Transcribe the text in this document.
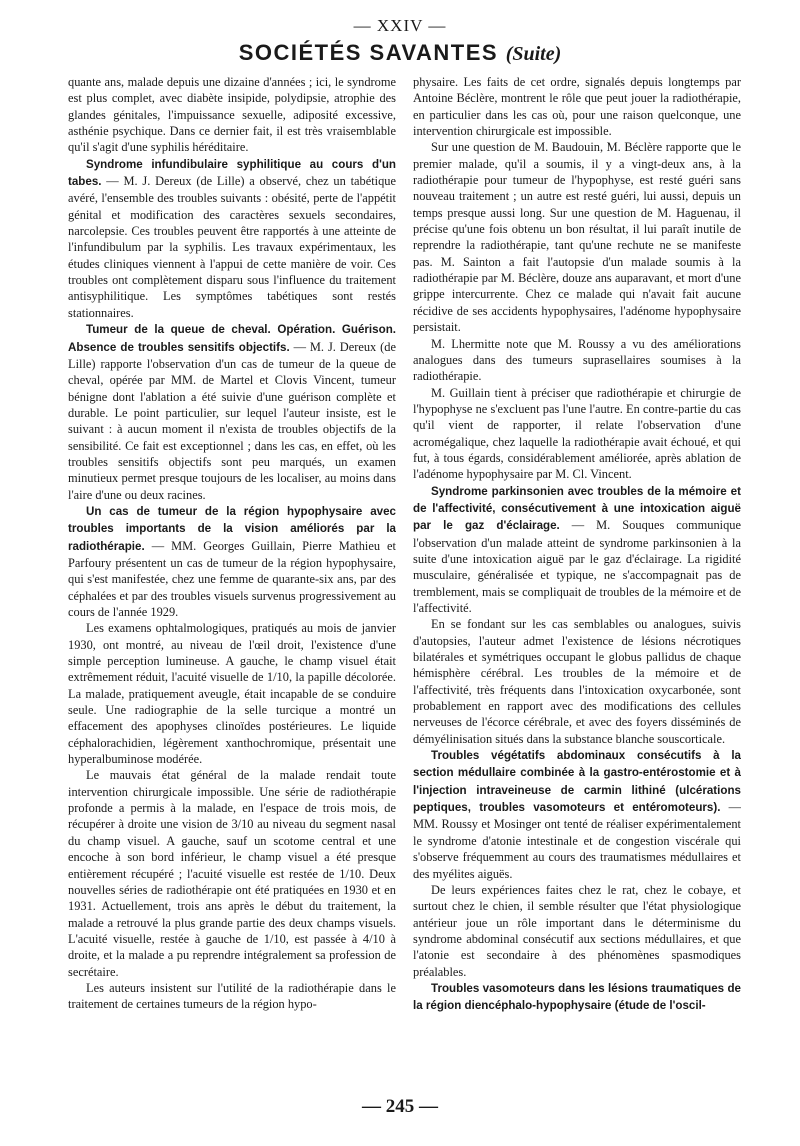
— XXIV —
SOCIÉTÉS SAVANTES (Suite)

quante ans, malade depuis une dizaine d'années ; ici, le syndrome est plus complet, avec diabète insipide, polydipsie, atrophie des glandes génitales, l'impuissance sexuelle, adiposité excessive, asthénie psychique. Dans ce dernier fait, il est très vraisemblable qu'il s'agit d'une syphilis héréditaire.

Syndrome infundibulaire syphilitique au cours d'un tabes. — M. J. Dereux (de Lille) a observé, chez un tabétique avéré, l'ensemble des troubles suivants : obésité, perte de l'appétit génital et modification des caractères sexuels secondaires, narcolepsie. Ces troubles peuvent être rapportés à une atteinte de l'infundibulum par la syphilis. Les travaux expérimentaux, les études cliniques viennent à l'appui de cette manière de voir. Ces troubles ont complètement disparu sous l'influence du traitement antisyphilitique. Les symptômes tabétiques sont restés stationnaires.

Tumeur de la queue de cheval. Opération. Guérison. Absence de troubles sensitifs objectifs. — M. J. Dereux (de Lille) rapporte l'observation d'un cas de tumeur de la queue de cheval, opérée par MM. de Martel et Clovis Vincent, tumeur bénigne dont l'ablation a été suivie d'une guérison complète et durable. Le point particulier, sur lequel l'auteur insiste, est le suivant : à aucun moment il n'exista de troubles objectifs de la sensibilité. Ce fait est exceptionnel ; dans les cas, en effet, où les troubles sensitifs objectifs sont peu marqués, un examen minutieux permet presque toujours de les localiser, au moins dans l'aire d'une ou deux racines.

Un cas de tumeur de la région hypophysaire avec troubles importants de la vision améliorés par la radiothérapie. — MM. Georges Guillain, Pierre Mathieu et Parfoury présentent un cas de tumeur de la région hypophysaire, qui s'est manifestée, chez une femme de quarante-six ans, par des céphalées et par des troubles visuels survenus progressivement au cours de l'année 1929.

Les examens ophtalmologiques, pratiqués au mois de janvier 1930, ont montré, au niveau de l'œil droit, l'existence d'une simple perception lumineuse. A gauche, le champ visuel était extrêmement réduit, l'acuité visuelle de 1/10, la papille décolorée. La malade, pratiquement aveugle, était incapable de se conduire seule. Une radiographie de la selle turcique a montré un effacement des apophyses clinoïdes postérieures. Le liquide céphalorachidien, légèrement xanthochromique, présentait une hyperalbuminose modérée.

Le mauvais état général de la malade rendait toute intervention chirurgicale impossible. Une série de radiothérapie profonde a permis à la malade, en l'espace de trois mois, de récupérer à droite une vision de 3/10 au niveau du segment nasal du champ visuel. A gauche, sauf un scotome central et une encoche à son bord inférieur, le champ visuel a été presque entièrement récupéré ; l'acuité visuelle est restée de 1/10. Deux nouvelles séries de radiothérapie ont été pratiquées en 1930 et en 1931. Actuellement, trois ans après le début du traitement, la malade a retrouvé la plus grande partie des deux champs visuels. L'acuité visuelle, restée à gauche de 1/10, est passée à 4/10 à droite, et la malade a pu reprendre intégralement sa profession de secrétaire.

Les auteurs insistent sur l'utilité de la radiothérapie dans le traitement de certaines tumeurs de la région hypo-

physaire. Les faits de cet ordre, signalés depuis longtemps par Antoine Béclère, montrent le rôle que peut jouer la radiothérapie, en particulier dans les cas où, pour une raison quelconque, une intervention chirurgicale est impossible.

Sur une question de M. Baudouin, M. Béclère rapporte que le premier malade, qu'il a soumis, il y a vingt-deux ans, à la radiothérapie pour tumeur de l'hypophyse, est resté guéri sans nouveau traitement ; un autre est resté guéri, lui aussi, depuis un temps presque aussi long. Sur une question de M. Haguenau, il précise qu'une fois obtenu un bon résultat, il lui paraît inutile de reprendre la radiothérapie, tant qu'une rechute ne se manifeste pas. M. Sainton a fait l'autopsie d'un malade soumis à la radiothérapie par M. Béclère, douze ans auparavant, et mort d'une grippe intercurrente. Chez ce malade qui n'avait fait aucune récidive de ses accidents hypophysaires, l'adénome hypophysaire persistait.

M. Lhermitte note que M. Roussy a vu des améliorations analogues dans des tumeurs suprasellaires soumises à la radiothérapie.

M. Guillain tient à préciser que radiothérapie et chirurgie de l'hypophyse ne s'excluent pas l'une l'autre. En contre-partie du cas qu'il vient de rapporter, il relate l'observation d'une acromégalique, chez laquelle la radiothérapie avait échoué, et qui fut, à tous égards, considérablement améliorée, après ablation de l'adénome hypophysaire par M. Cl. Vincent.

Syndrome parkinsonien avec troubles de la mémoire et de l'affectivité, consécutivement à une intoxication aiguë par le gaz d'éclairage. — M. Souques communique l'observation d'un malade atteint de syndrome parkinsonien à la suite d'une intoxication aiguë par le gaz d'éclairage. La rigidité musculaire, généralisée et typique, ne s'accompagnait pas de tremblement, mais se compliquait de troubles de la mémoire et de l'affectivité.

En se fondant sur les cas semblables ou analogues, suivis d'autopsies, l'auteur admet l'existence de lésions nécrotiques bilatérales et symétriques occupant le globus pallidus de chaque hémisphère cérébral. Les troubles de la mémoire et de l'affectivité, très fréquents dans l'intoxication oxycarbonée, sont probablement en rapport avec des modifications des cellules nerveuses de l'écorce cérébrale, et avec des foyers disséminés de démyélinisation situés dans la substance blanche souscorticale.

Troubles végétatifs abdominaux consécutifs à la section médullaire combinée à la gastro-entérostomie et à l'injection intraveineuse de carmin lithiné (ulcérations peptiques, troubles vasomoteurs et entéromoteurs). — MM. Roussy et Mosinger ont tenté de réaliser expérimentalement le syndrome d'atonie intestinale et de congestion viscérale qui s'observe fréquemment au cours des traumatismes médullaires et des myélites aiguës.

De leurs expériences faites chez le rat, chez le cobaye, et surtout chez le chien, il semble résulter que l'état physiologique antérieur joue un rôle important dans le déterminisme du syndrome abdominal consécutif aux sections médullaires, et que l'atonie est secondaire à des phénomènes spasmodiques préalables.

Troubles vasomoteurs dans les lésions traumatiques de la région diencéphalo-hypophysaire (étude de l'oscil-

— 245 —
